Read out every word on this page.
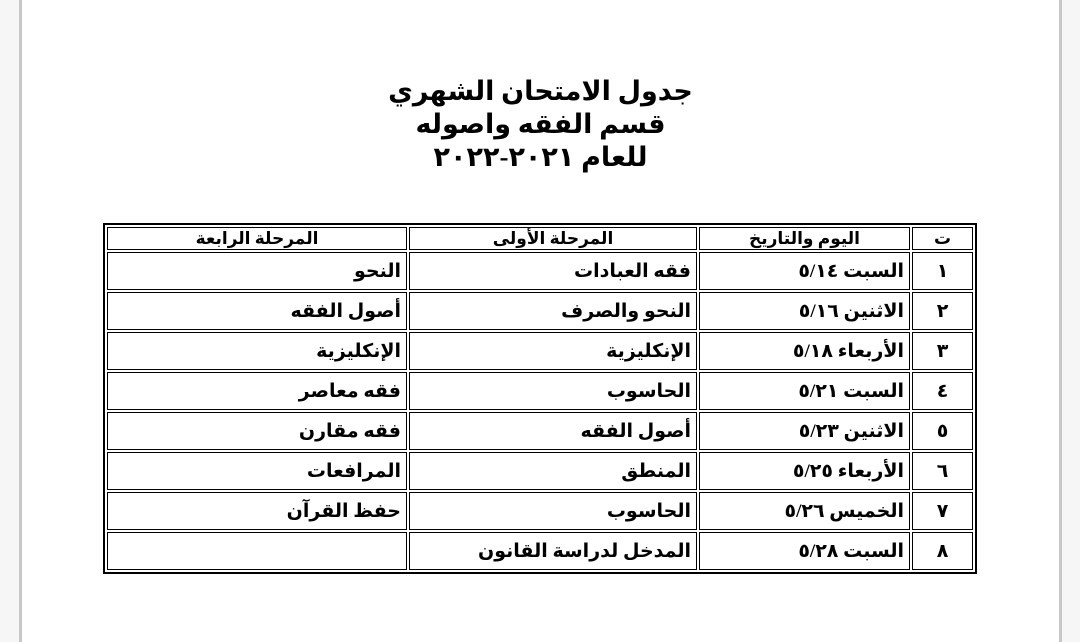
جدول الامتحان الشهري
قسم الفقه واصوله
للعام ٢٠٢١-٢٠٢٢
ت	اليوم والتاريخ	المرحلة الأولى	المرحلة الرابعة
١	السبت ٥/١٤	فقه العبادات	النحو
٢	الاثنين ٥/١٦	النحو والصرف	أصول الفقه
٣	الأربعاء ٥/١٨	الإنكليزية	الإنكليزية
٤	السبت ٥/٢١	الحاسوب	فقه معاصر
٥	الاثنين ٥/٢٣	أصول الفقه	فقه مقارن
٦	الأربعاء ٥/٢٥	المنطق	المرافعات
٧	الخميس ٥/٢٦	الحاسوب	حفظ القرآن
٨	السبت ٥/٢٨	المدخل لدراسة القانون	
